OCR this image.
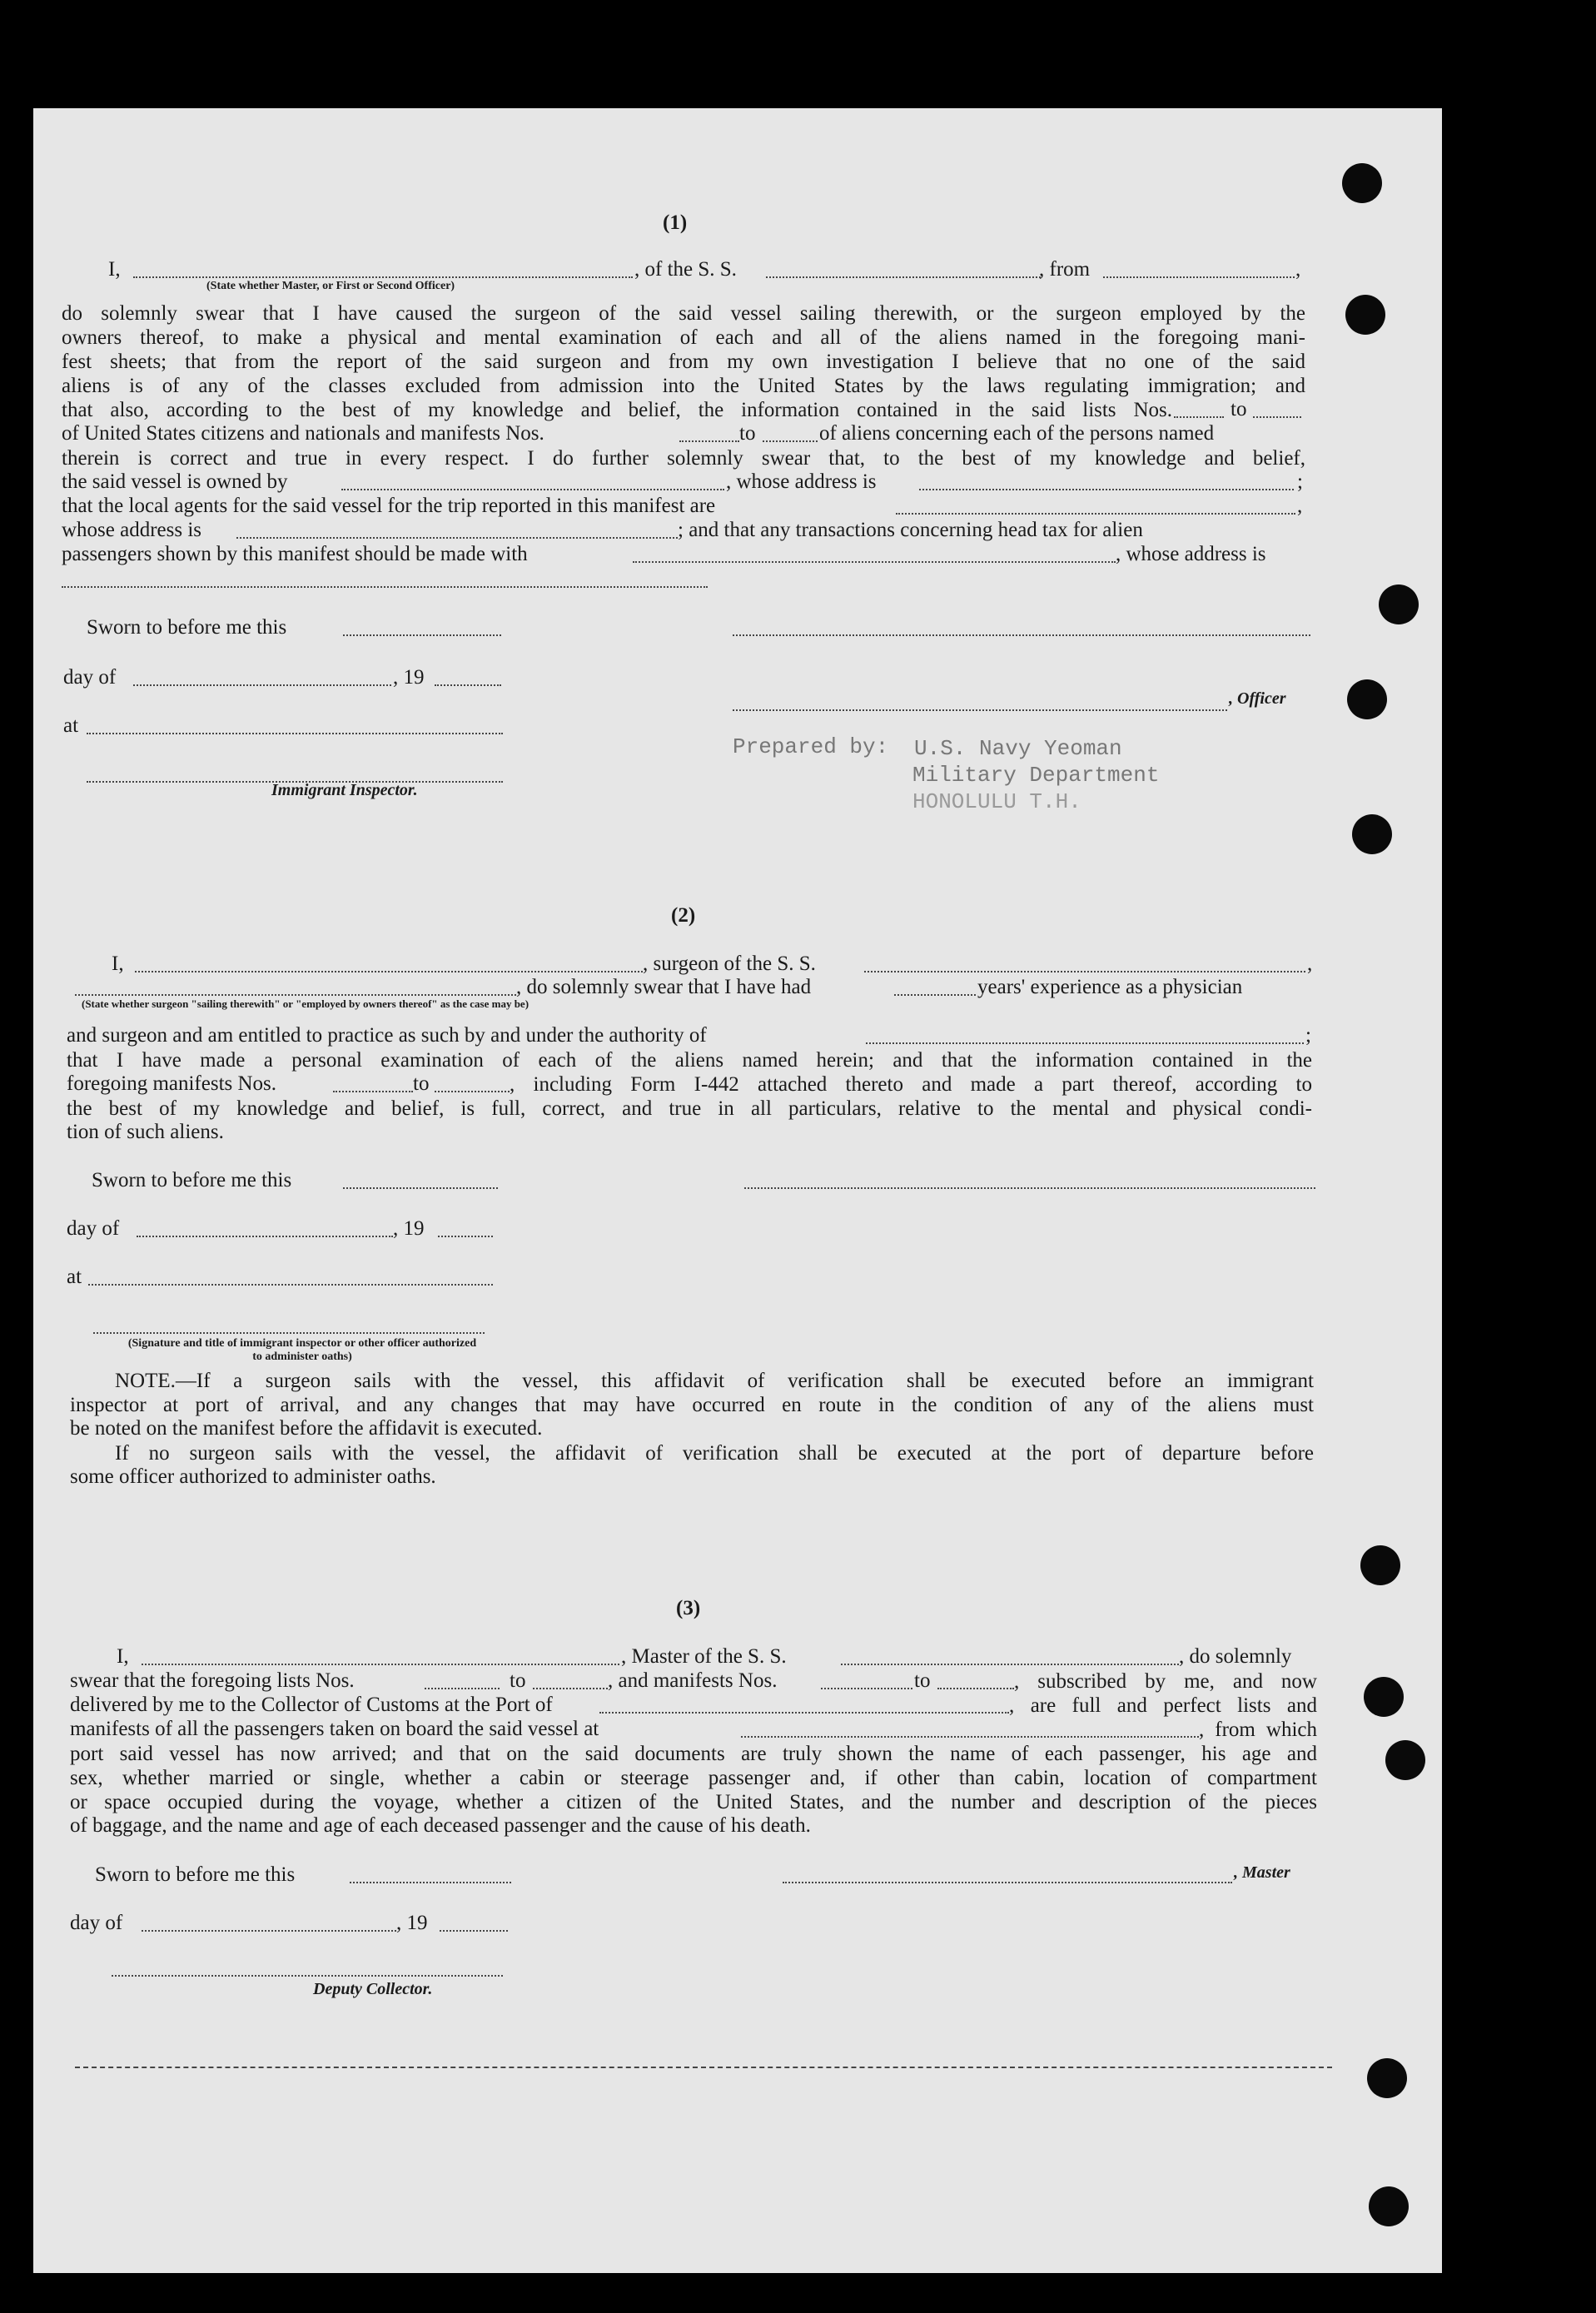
(1)
I,	, of the S. S.	, from	,
(State whether Master, or First or Second Officer)
do solemnly swear that I have caused the surgeon of the said vessel sailing therewith, or the surgeon employed by the
owners thereof, to make a physical and mental examination of each and all of the aliens named in the foregoing mani-
fest sheets; that from the report of the said surgeon and from my own investigation I believe that no one of the said
aliens is of any of the classes excluded from admission into the United States by the laws regulating immigration; and
that also, according to the best of my knowledge and belief, the information contained in the said lists Nos.	to
of United States citizens and nationals and manifests Nos.	to	of aliens concerning each of the persons named
therein is correct and true in every respect. I do further solemnly swear that, to the best of my knowledge and belief,
the said vessel is owned by	, whose address is	;
that the local agents for the said vessel for the trip reported in this manifest are	,
whose address is	; and that any transactions concerning head tax for alien
passengers shown by this manifest should be made with	, whose address is
Sworn to before me this
day of	, 19
, Officer
at
Prepared by: U.S. Navy Yeoman
Military Department
HONOLULU T.H.
Immigrant Inspector.
(2)
I,	, surgeon of the S. S.	,
, do solemnly swear that I have had	years' experience as a physician
(State whether surgeon "sailing therewith" or "employed by owners thereof" as the case may be)
and surgeon and am entitled to practice as such by and under the authority of	;
that I have made a personal examination of each of the aliens named herein; and that the information contained in the
foregoing manifests Nos.	to	, including Form I-442 attached thereto and made a part thereof, according to
the best of my knowledge and belief, is full, correct, and true in all particulars, relative to the mental and physical condi-
tion of such aliens.
Sworn to before me this
day of	, 19
at
(Signature and title of immigrant inspector or other officer authorized to administer oaths)
NOTE.—If a surgeon sails with the vessel, this affidavit of verification shall be executed before an immigrant
inspector at port of arrival, and any changes that may have occurred en route in the condition of any of the aliens must
be noted on the manifest before the affidavit is executed.
If no surgeon sails with the vessel, the affidavit of verification shall be executed at the port of departure before
some officer authorized to administer oaths.
(3)
I,	, Master of the S. S.	, do solemnly
swear that the foregoing lists Nos.	to	, and manifests Nos.	to	, subscribed by me, and now
delivered by me to the Collector of Customs at the Port of	, are full and perfect lists and
manifests of all the passengers taken on board the said vessel at	, from which
port said vessel has now arrived; and that on the said documents are truly shown the name of each passenger, his age and
sex, whether married or single, whether a cabin or steerage passenger and, if other than cabin, location of compartment
or space occupied during the voyage, whether a citizen of the United States, and the number and description of the pieces
of baggage, and the name and age of each deceased passenger and the cause of his death.
Sworn to before me this	, Master
day of	, 19
Deputy Collector.
